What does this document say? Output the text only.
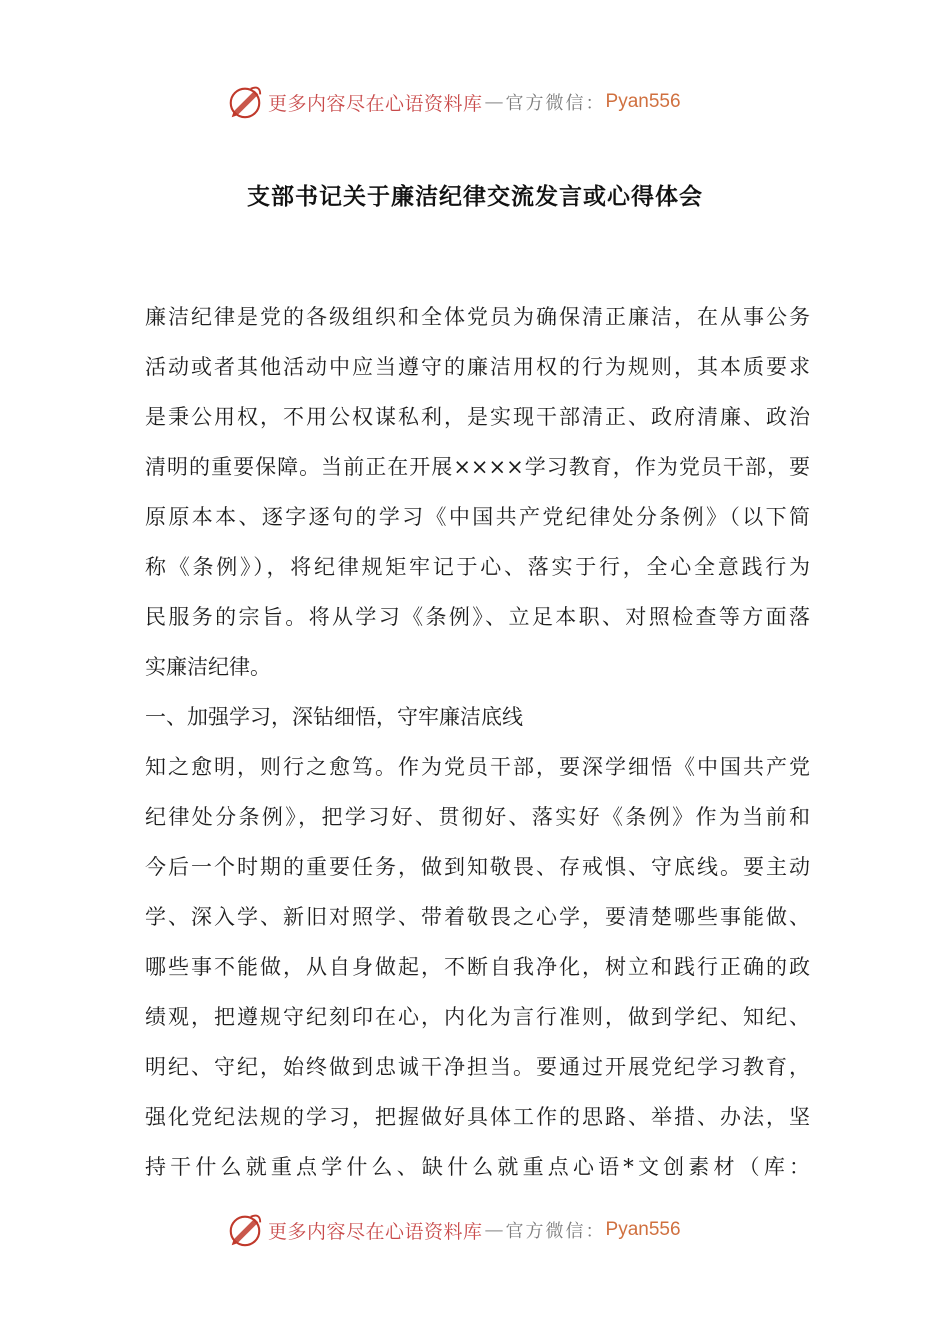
更多内容尽在心语资料库 — 官方微信： Pyan556
支部书记关于廉洁纪律交流发言或心得体会
廉洁纪律是党的各级组织和全体党员为确保清正廉洁，在从事公务
活动或者其他活动中应当遵守的廉洁用权的行为规则，其本质要求
是秉公用权，不用公权谋私利，是实现干部清正、政府清廉、政治
清明的重要保障。当前正在开展××××学习教育，作为党员干部，要
原原本本、逐字逐句的学习《中国共产党纪律处分条例》（以下简
称《条例》），将纪律规矩牢记于心、落实于行，全心全意践行为
民服务的宗旨。将从学习《条例》、立足本职、对照检查等方面落
实廉洁纪律。
一、加强学习，深钻细悟，守牢廉洁底线
知之愈明，则行之愈笃。作为党员干部，要深学细悟《中国共产党
纪律处分条例》，把学习好、贯彻好、落实好《条例》作为当前和
今后一个时期的重要任务，做到知敬畏、存戒惧、守底线。要主动
学、深入学、新旧对照学、带着敬畏之心学，要清楚哪些事能做、
哪些事不能做，从自身做起，不断自我净化，树立和践行正确的政
绩观，把遵规守纪刻印在心，内化为言行准则，做到学纪、知纪、
明纪、守纪，始终做到忠诚干净担当。要通过开展党纪学习教育，
强化党纪法规的学习，把握做好具体工作的思路、举措、办法，坚
持干什么就重点学什么、缺什么就重点心语*文创素材（库：
更多内容尽在心语资料库 — 官方微信： Pyan556
